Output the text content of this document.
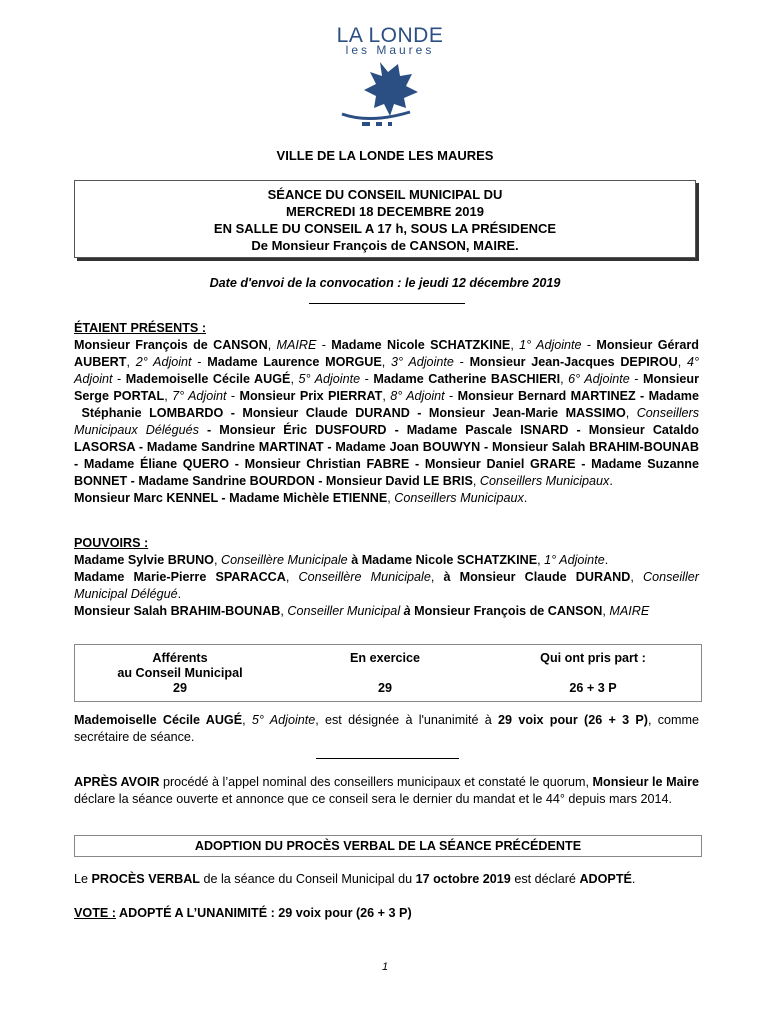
LA LONDE
les Maures
VILLE DE LA LONDE LES MAURES
SÉANCE DU CONSEIL MUNICIPAL DU
MERCREDI 18 DECEMBRE 2019
EN SALLE DU CONSEIL A 17 h, SOUS LA PRÉSIDENCE
De Monsieur François de CANSON, MAIRE.
Date d'envoi de la convocation : le jeudi 12 décembre 2019
ÉTAIENT PRÉSENTS :
Monsieur François de CANSON, MAIRE - Madame Nicole SCHATZKINE, 1° Adjointe - Monsieur Gérard AUBERT, 2° Adjoint - Madame Laurence MORGUE, 3° Adjointe - Monsieur Jean-Jacques DEPIROU, 4° Adjoint - Mademoiselle Cécile AUGÉ, 5° Adjointe - Madame Catherine BASCHIERI, 6° Adjointe - Monsieur Serge PORTAL, 7° Adjoint - Monsieur Prix PIERRAT, 8° Adjoint - Monsieur Bernard MARTINEZ - Madame  Stéphanie LOMBARDO - Monsieur Claude DURAND - Monsieur Jean-Marie MASSIMO, Conseillers Municipaux Délégués - Monsieur Éric DUSFOURD - Madame Pascale ISNARD - Monsieur Cataldo LASORSA - Madame Sandrine MARTINAT - Madame Joan BOUWYN - Monsieur Salah BRAHIM-BOUNAB - Madame Éliane QUERO - Monsieur Christian FABRE - Monsieur Daniel GRARE - Madame Suzanne BONNET - Madame Sandrine BOURDON - Monsieur David LE BRIS, Conseillers Municipaux.
Monsieur Marc KENNEL - Madame Michèle ETIENNE, Conseillers Municipaux.
POUVOIRS :
Madame Sylvie BRUNO, Conseillère Municipale à Madame Nicole SCHATZKINE, 1° Adjointe.
Madame Marie-Pierre SPARACCA, Conseillère Municipale, à Monsieur Claude DURAND, Conseiller Municipal Délégué.
Monsieur Salah BRAHIM-BOUNAB, Conseiller Municipal à Monsieur François de CANSON, MAIRE
Afférents
au Conseil Municipal
29
En exercice

29
Qui ont pris part :

26 + 3 P
Mademoiselle Cécile AUGÉ, 5° Adjointe, est désignée à l'unanimité à 29 voix pour (26 + 3 P), comme secrétaire de séance.
APRÈS AVOIR procédé à l’appel nominal des conseillers municipaux et constaté le quorum, Monsieur le Maire déclare la séance ouverte et annonce que ce conseil sera le dernier du mandat et le 44° depuis mars 2014.
ADOPTION DU PROCÈS VERBAL DE LA SÉANCE PRÉCÉDENTE
Le PROCÈS VERBAL de la séance du Conseil Municipal du 17 octobre 2019 est déclaré ADOPTÉ.
VOTE : ADOPTÉ A L’UNANIMITÉ : 29 voix pour (26 + 3 P)
1
